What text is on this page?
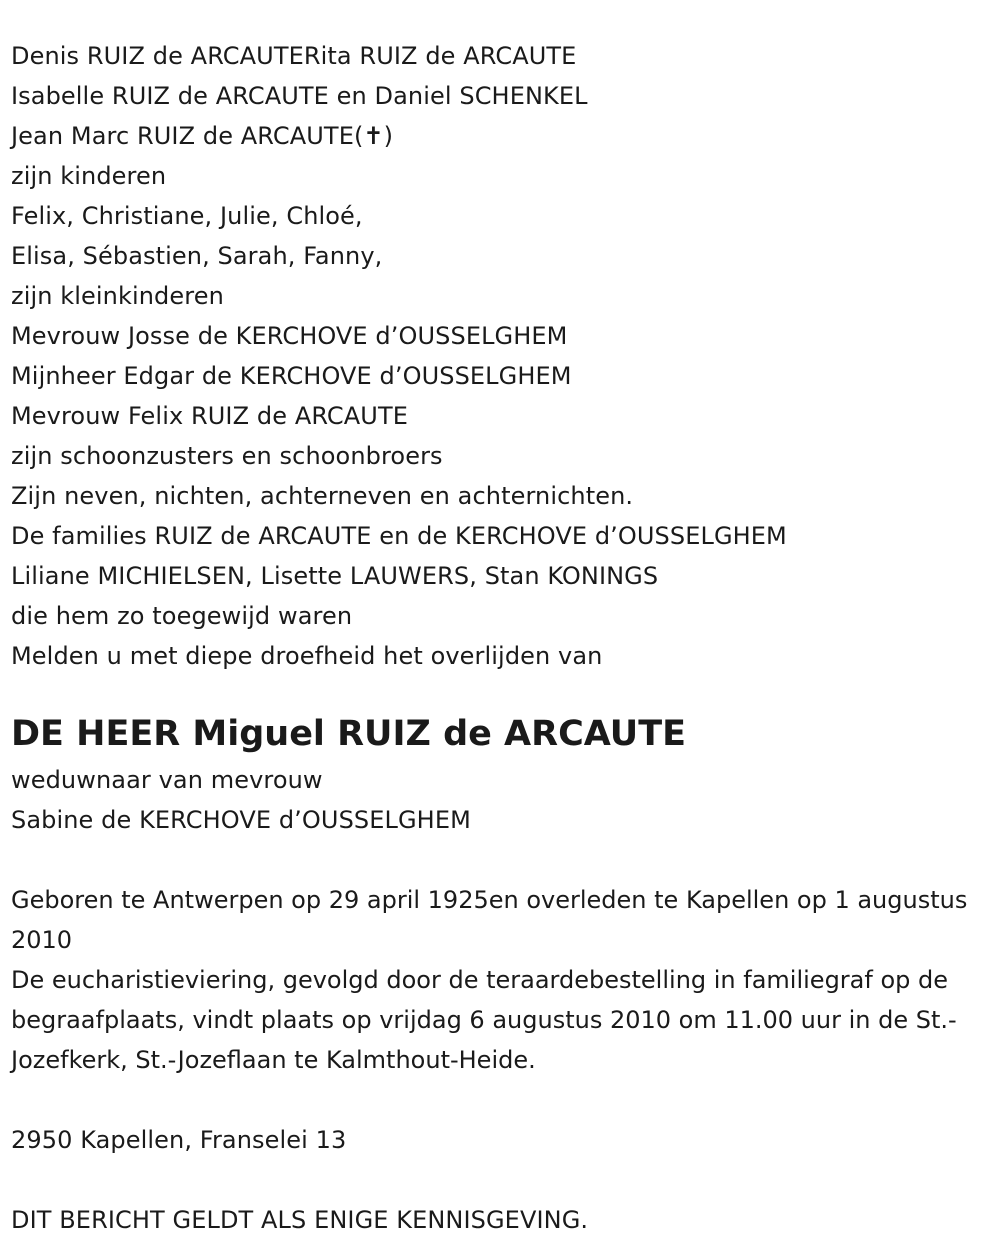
Denis RUIZ de ARCAUTERita RUIZ de ARCAUTE
Isabelle RUIZ de ARCAUTE en Daniel SCHENKEL
Jean Marc RUIZ de ARCAUTE(✝)
zijn kinderen
Felix, Christiane, Julie, Chloé,
Elisa, Sébastien, Sarah, Fanny,
zijn kleinkinderen
Mevrouw Josse de KERCHOVE d’OUSSELGHEM
Mijnheer Edgar de KERCHOVE d’OUSSELGHEM
Mevrouw Felix RUIZ de ARCAUTE
zijn schoonzusters en schoonbroers
Zijn neven, nichten, achterneven en achternichten.
De families RUIZ de ARCAUTE en de KERCHOVE d’OUSSELGHEM
Liliane MICHIELSEN, Lisette LAUWERS, Stan KONINGS
die hem zo toegewijd waren
Melden u met diepe droefheid het overlijden van
DE HEER Miguel RUIZ de ARCAUTE
weduwnaar van mevrouw
Sabine de KERCHOVE d’OUSSELGHEM
Geboren te Antwerpen op 29 april 1925en overleden te Kapellen op 1 augustus 2010
De eucharistieviering, gevolgd door de teraardebestelling in familiegraf op de begraafplaats, vindt plaats op vrijdag 6 augustus 2010 om 11.00 uur in de St.- Jozefkerk, St.-Jozeflaan te Kalmthout-Heide.
2950 Kapellen, Franselei 13
DIT BERICHT GELDT ALS ENIGE KENNISGEVING.
